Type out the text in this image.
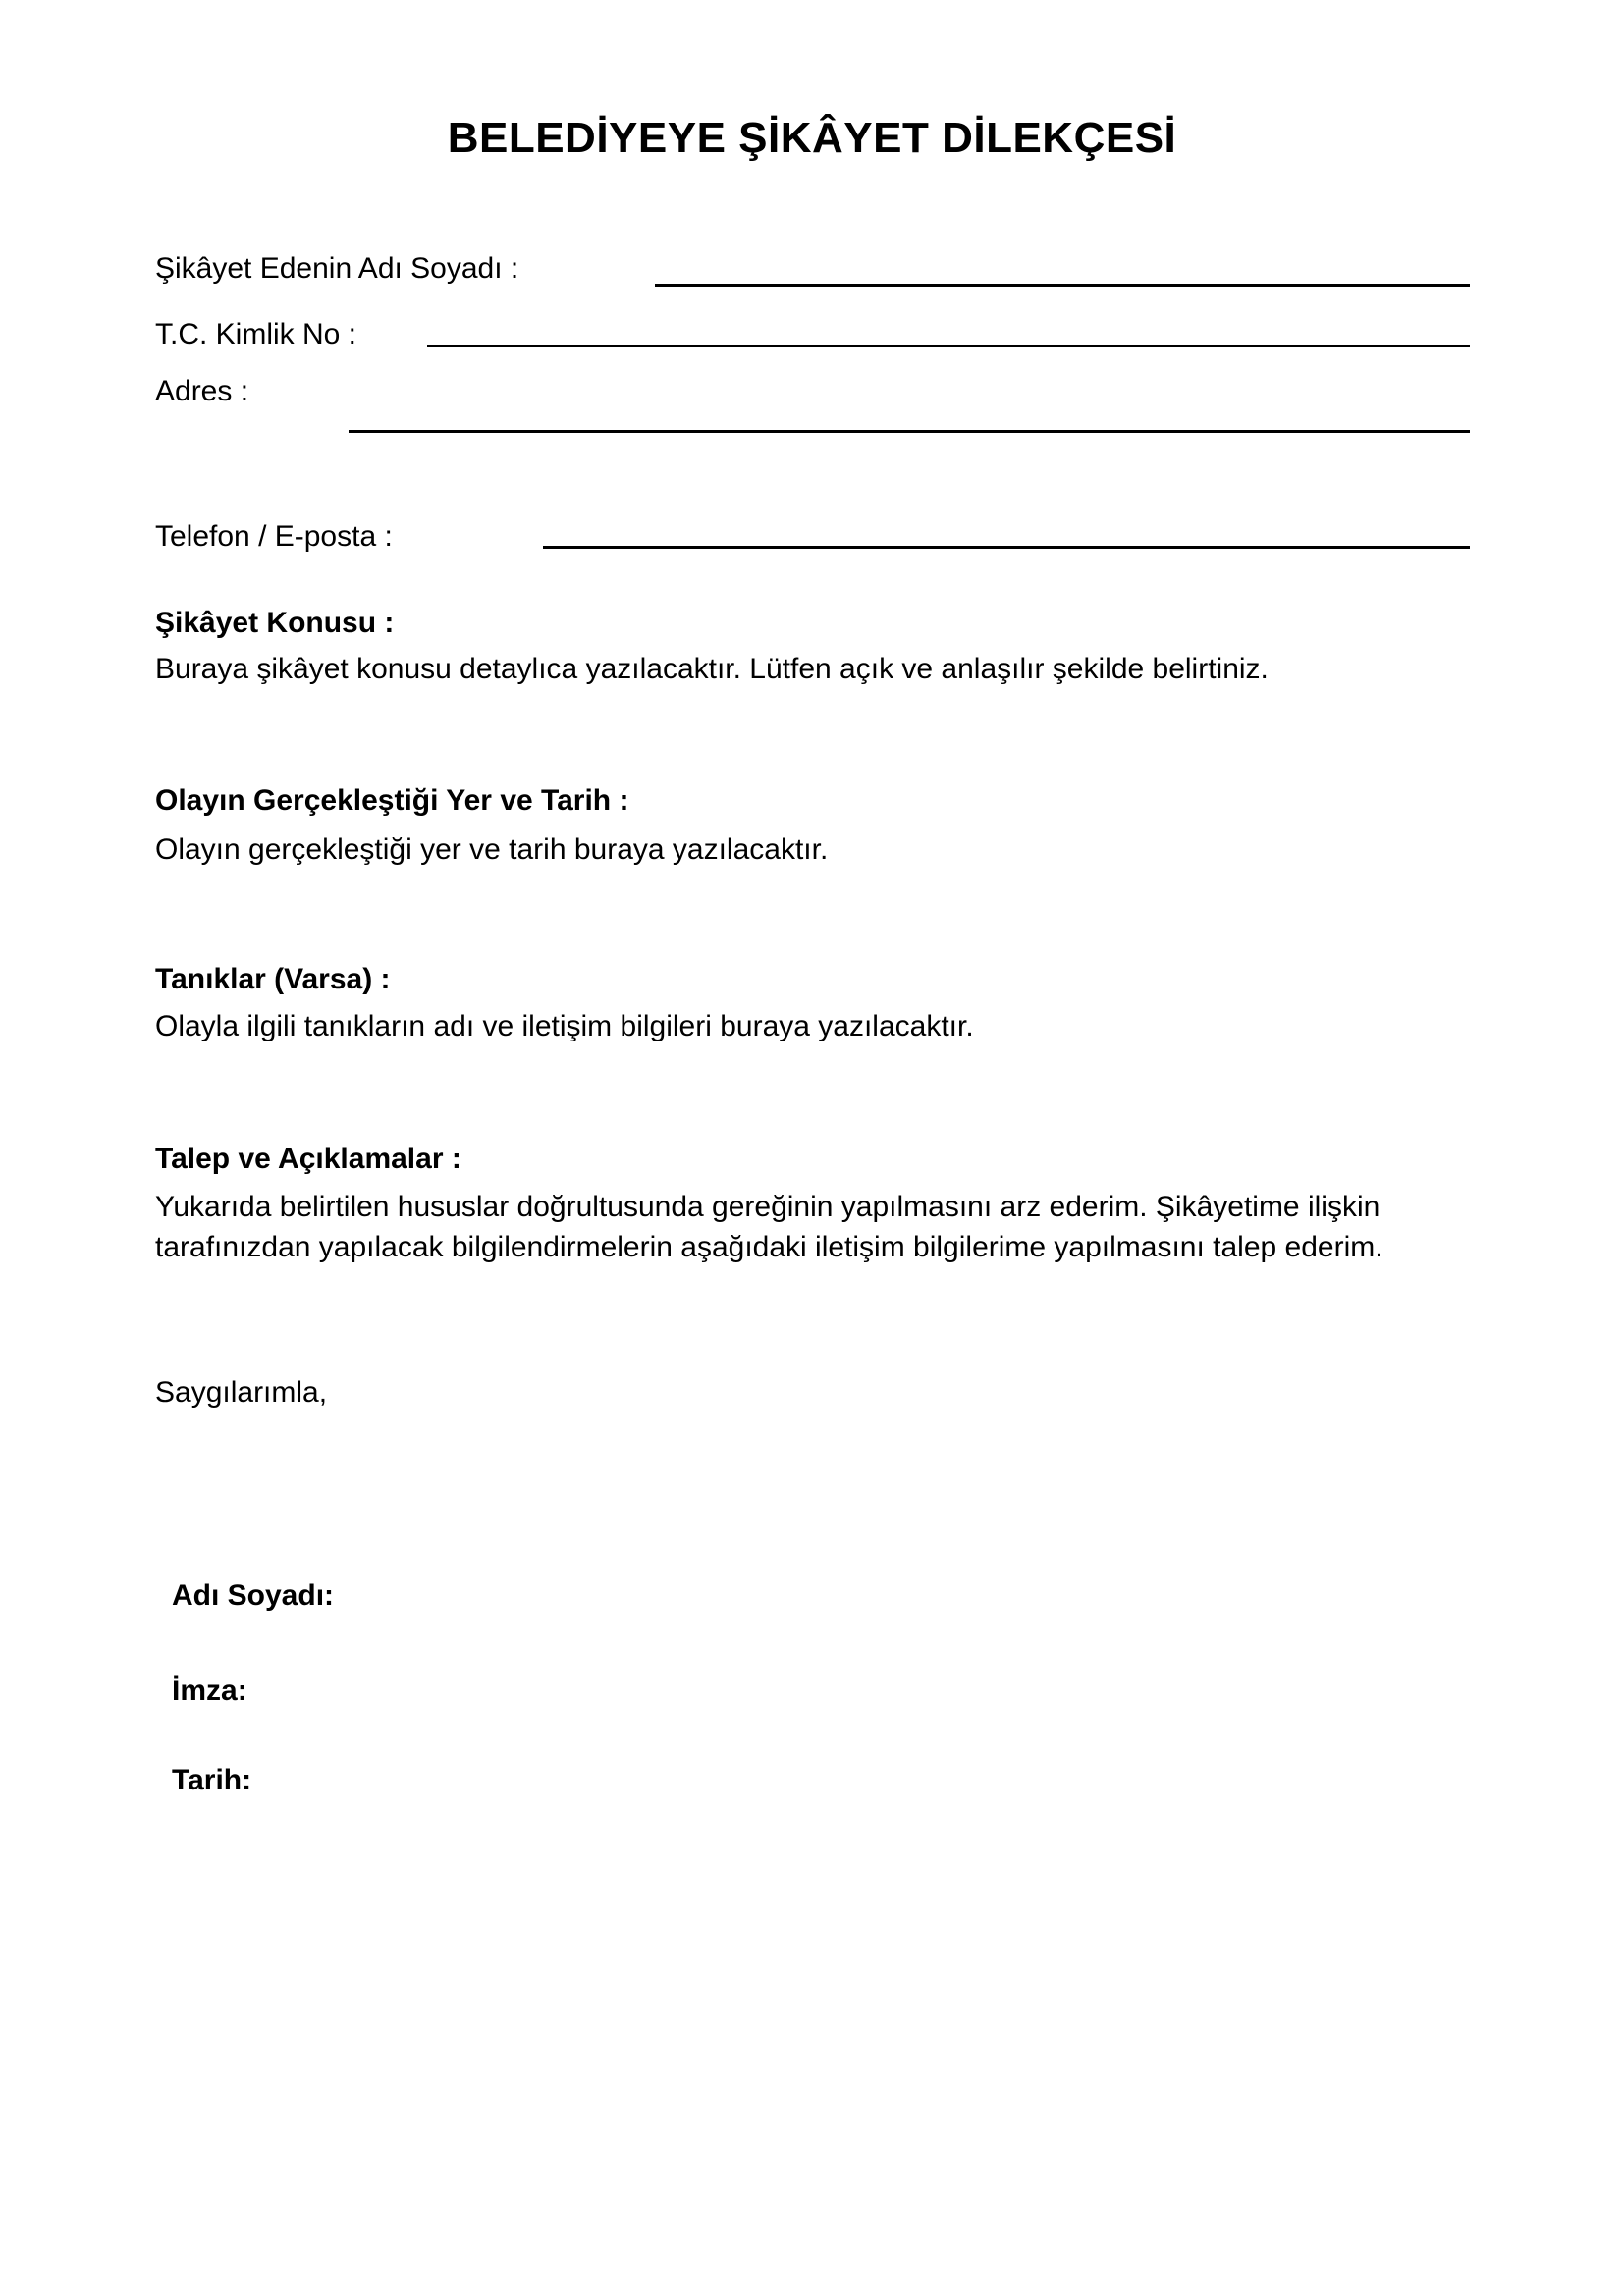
BELEDİYEYE ŞİKÂYET DİLEKÇESİ
Şikâyet Edenin Adı Soyadı :
T.C. Kimlik No :
Adres :
Telefon / E-posta :
Şikâyet Konusu :
Buraya şikâyet konusu detaylıca yazılacaktır. Lütfen açık ve anlaşılır şekilde belirtiniz.
Olayın Gerçekleştiği Yer ve Tarih :
Olayın gerçekleştiği yer ve tarih buraya yazılacaktır.
Tanıklar (Varsa) :
Olayla ilgili tanıkların adı ve iletişim bilgileri buraya yazılacaktır.
Talep ve Açıklamalar :
Yukarıda belirtilen hususlar doğrultusunda gereğinin yapılmasını arz ederim. Şikâyetime ilişkin tarafınızdan yapılacak bilgilendirmelerin aşağıdaki iletişim bilgilerime yapılmasını talep ederim.
Saygılarımla,
Adı Soyadı:
İmza:
Tarih:
